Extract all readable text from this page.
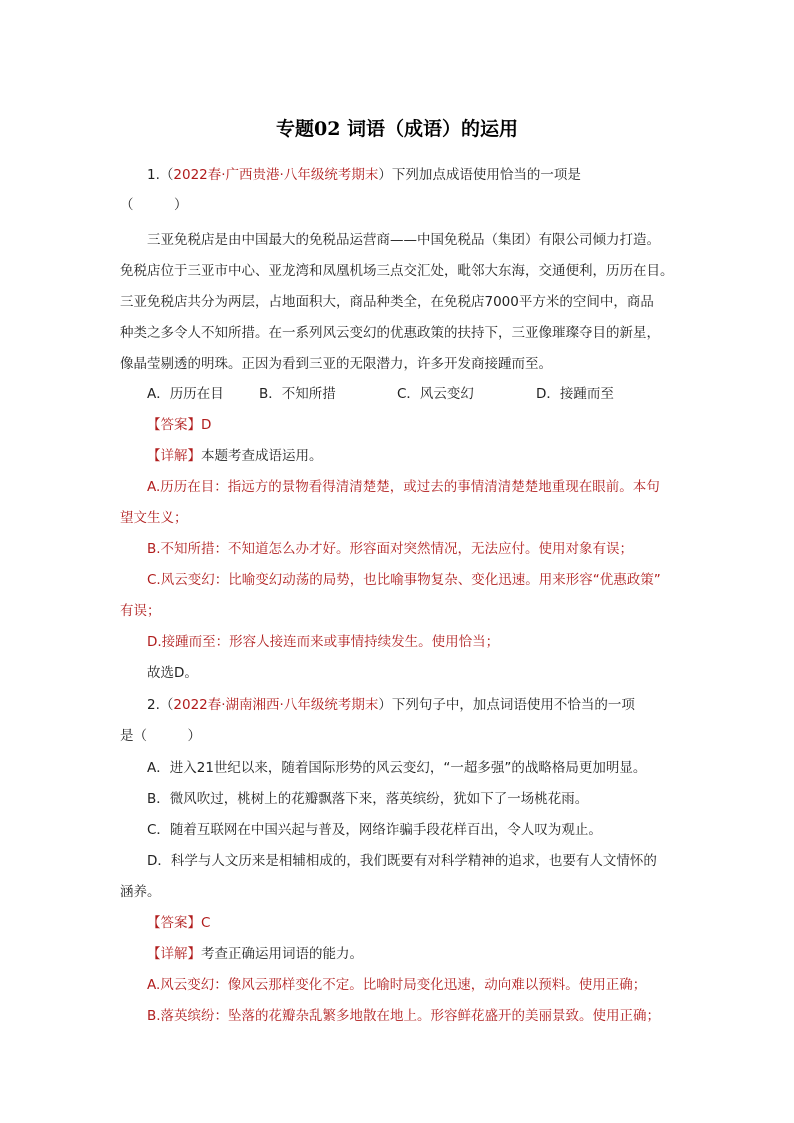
专题02 词语（成语）的运用
1.（2022春·广西贵港·八年级统考期末）下列加点成语使用恰当的一项是
（　　　）
三亚免税店是由中国最大的免税品运营商——中国免税品（集团）有限公司倾力打造。
免税店位于三亚市中心、亚龙湾和凤凰机场三点交汇处，毗邻大东海，交通便利，历历在目。
三亚免税店共分为两层，占地面积大，商品种类全，在免税店7000平方米的空间中，商品
种类之多令人不知所措。在一系列风云变幻的优惠政策的扶持下，三亚像璀璨夺目的新星，
像晶莹剔透的明珠。正因为看到三亚的无限潜力，许多开发商接踵而至。
A．历历在目	B．不知所措	C．风云变幻	D．接踵而至
【答案】D
【详解】本题考查成语运用。
A.历历在目：指远方的景物看得清清楚楚，或过去的事情清清楚楚地重现在眼前。本句
望文生义；
B.不知所措：不知道怎么办才好。形容面对突然情况，无法应付。使用对象有误；
C.风云变幻：比喻变幻动荡的局势，也比喻事物复杂、变化迅速。用来形容“优惠政策”
有误；
D.接踵而至：形容人接连而来或事情持续发生。使用恰当；
故选D。
2.（2022春·湖南湘西·八年级统考期末）下列句子中，加点词语使用不恰当的一项
是（　　　）
A．进入21世纪以来，随着国际形势的风云变幻，“一超多强”的战略格局更加明显。
B．微风吹过，桃树上的花瓣飘落下来，落英缤纷，犹如下了一场桃花雨。
C．随着互联网在中国兴起与普及，网络诈骗手段花样百出，令人叹为观止。
D．科学与人文历来是相辅相成的，我们既要有对科学精神的追求，也要有人文情怀的
涵养。
【答案】C
【详解】考查正确运用词语的能力。
A.风云变幻：像风云那样变化不定。比喻时局变化迅速，动向难以预料。使用正确；
B.落英缤纷：坠落的花瓣杂乱繁多地散在地上。形容鲜花盛开的美丽景致。使用正确；
